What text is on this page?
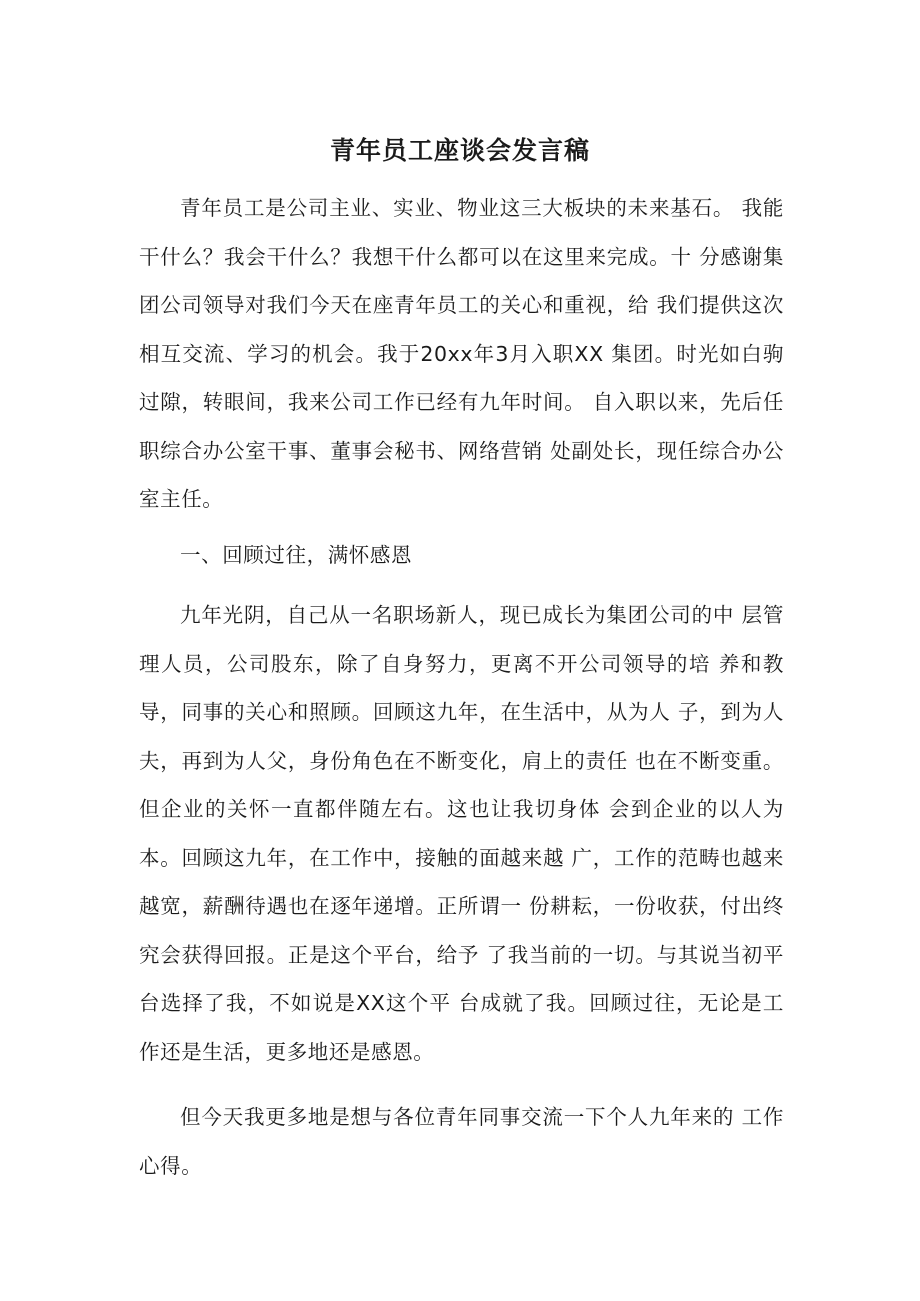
青年员工座谈会发言稿

青年员工是公司主业、实业、物业这三大板块的未来基石。 我能干什么？我会干什么？我想干什么都可以在这里来完成。十 分感谢集团公司领导对我们今天在座青年员工的关心和重视，给 我们提供这次相互交流、学习的机会。我于20xx年3月入职XX 集团。时光如白驹过隙，转眼间，我来公司工作已经有九年时间。 自入职以来，先后任职综合办公室干事、董事会秘书、网络营销 处副处长，现任综合办公室主任。

一、回顾过往，满怀感恩

九年光阴，自己从一名职场新人，现已成长为集团公司的中 层管理人员，公司股东，除了自身努力，更离不开公司领导的培 养和教导，同事的关心和照顾。回顾这九年，在生活中，从为人 子，到为人夫，再到为人父，身份角色在不断变化，肩上的责任 也在不断变重。但企业的关怀一直都伴随左右。这也让我切身体 会到企业的以人为本。回顾这九年，在工作中，接触的面越来越 广，工作的范畴也越来越宽，薪酬待遇也在逐年递增。正所谓一 份耕耘，一份收获，付出终究会获得回报。正是这个平台，给予 了我当前的一切。与其说当初平台选择了我，不如说是XX这个平 台成就了我。回顾过往，无论是工作还是生活，更多地还是感恩。

但今天我更多地是想与各位青年同事交流一下个人九年来的 工作心得。
